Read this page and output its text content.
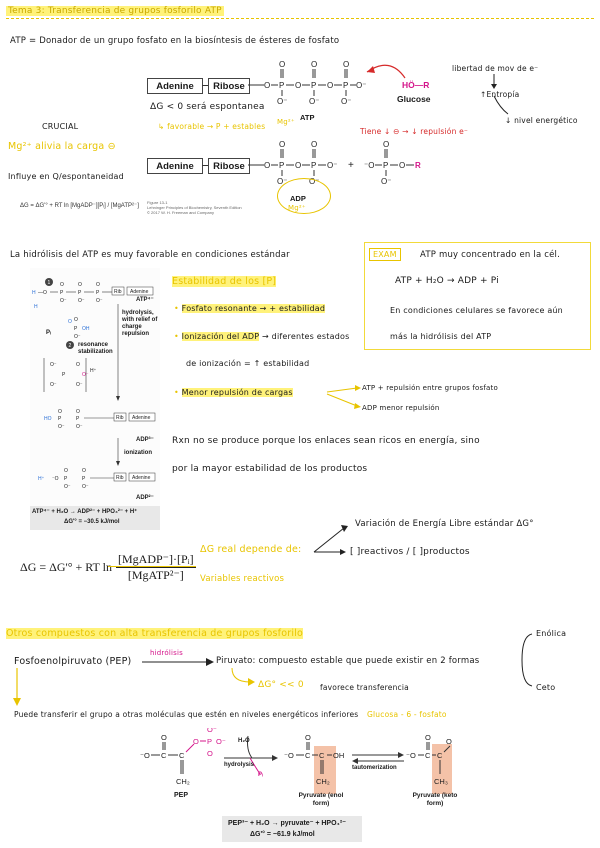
Tema 3: Transferencia de grupos fosforilo ATP
ATP = Donador de un grupo fosfato en la biosíntesis de ésteres de fosfato
Adenine	Ribose	O P
O
O⁻
O P
O
O⁻
O P
O
O⁻
O⁻
ATP
HÖ—R
Glucose
Adenine	Ribose	O P
O
O⁻
O P
O
O⁻
O⁻ + ⁻O P
O
O⁻
O R
ADP
Figure 13-1
Lehninger Principles of Biochemistry, Seventh Edition
© 2017 W. H. Freeman and Company
ΔG < 0 será espontanea
↳ favorable → P + estables Mg²⁺
Mg²⁺
Tiene ↓ ⊖ → ↓ repulsión e⁻
libertad de mov de e⁻
↑Entropía
↓ nivel energético
CRUCIAL
Mg²⁺ alivia la carga ⊖
Influye en Q/espontaneidad
ΔG = ΔG'° + RT ln [MgADP⁻][Pᵢ] / [MgATP²⁻]
La hidrólisis del ATP es muy favorable en condiciones estándar
H —O
O	O	O
P	P	P	Rib Adenine
O⁻ O⁻ O⁻
H
1
O
P OH
O
O⁻
2
O⁻	O
P	O⁻
O⁻	O⁻
H⁺
O	O
HO P	P	Rib Adenine
O⁻ O⁻
H⁺ ⁻O P	P
O	O
Rib Adenine
O⁻ O⁻
ATP⁴⁻
Pᵢ
hydrolysis, with relief of charge repulsion
resonance stabilization
ADP³⁻
ionization
ADP²⁻
ATP⁴⁻ + H₂O → ADP²⁻ + HPO₄²⁻ + H⁺
ΔG'° = −30.5 kJ/mol
Estabilidad de los [P]
• Fosfato resonante → + estabilidad
• Ionización del ADP → diferentes estados
de ionización = ↑ estabilidad
• Menor repulsión de cargas	ATP + repulsión entre grupos fosfato
ADP menor repulsión
EXAM	ATP muy concentrado en la cél.
ATP + H₂O → ADP + Pi
En condiciones celulares se favorece aún
más la hidrólisis del ATP
Rxn no se produce porque los enlaces sean ricos en energía, sino
por la mayor estabilidad de los productos
ΔG = ΔG'° + RT ln
[MgADP⁻]·[Pᵢ]
[MgATP²⁻]
ΔG real depende de:
Variables reactivos
Variación de Energía Libre estándar ΔG°
[ ]reactivos / [ ]productos
Otros compuestos con alta transferencia de grupos fosforilo
Fosfoenolpiruvato (PEP)
hidrólisis
Piruvato: compuesto estable que puede existir en 2 formas
Enólica
Ceto
ΔG° << 0 favorece transferencia
Puede transferir el grupo a otras moléculas que estén en niveles energéticos inferiores Glucosa - 6 - fosfato
⁻O C
O
C
O P
O⁻
O⁻
O
CH₂
⁻O C
O
C OH
CH₂
⁻O C
O
C
O
CH₃
H₂O
hydrolysis
Pᵢ
tautomerization
PEP	Pyruvate (enol form)
Pyruvate (keto form)
PEP³⁻ + H₂O → pyruvate⁻ + HPO₄²⁻
ΔG'° = −61.9 kJ/mol
